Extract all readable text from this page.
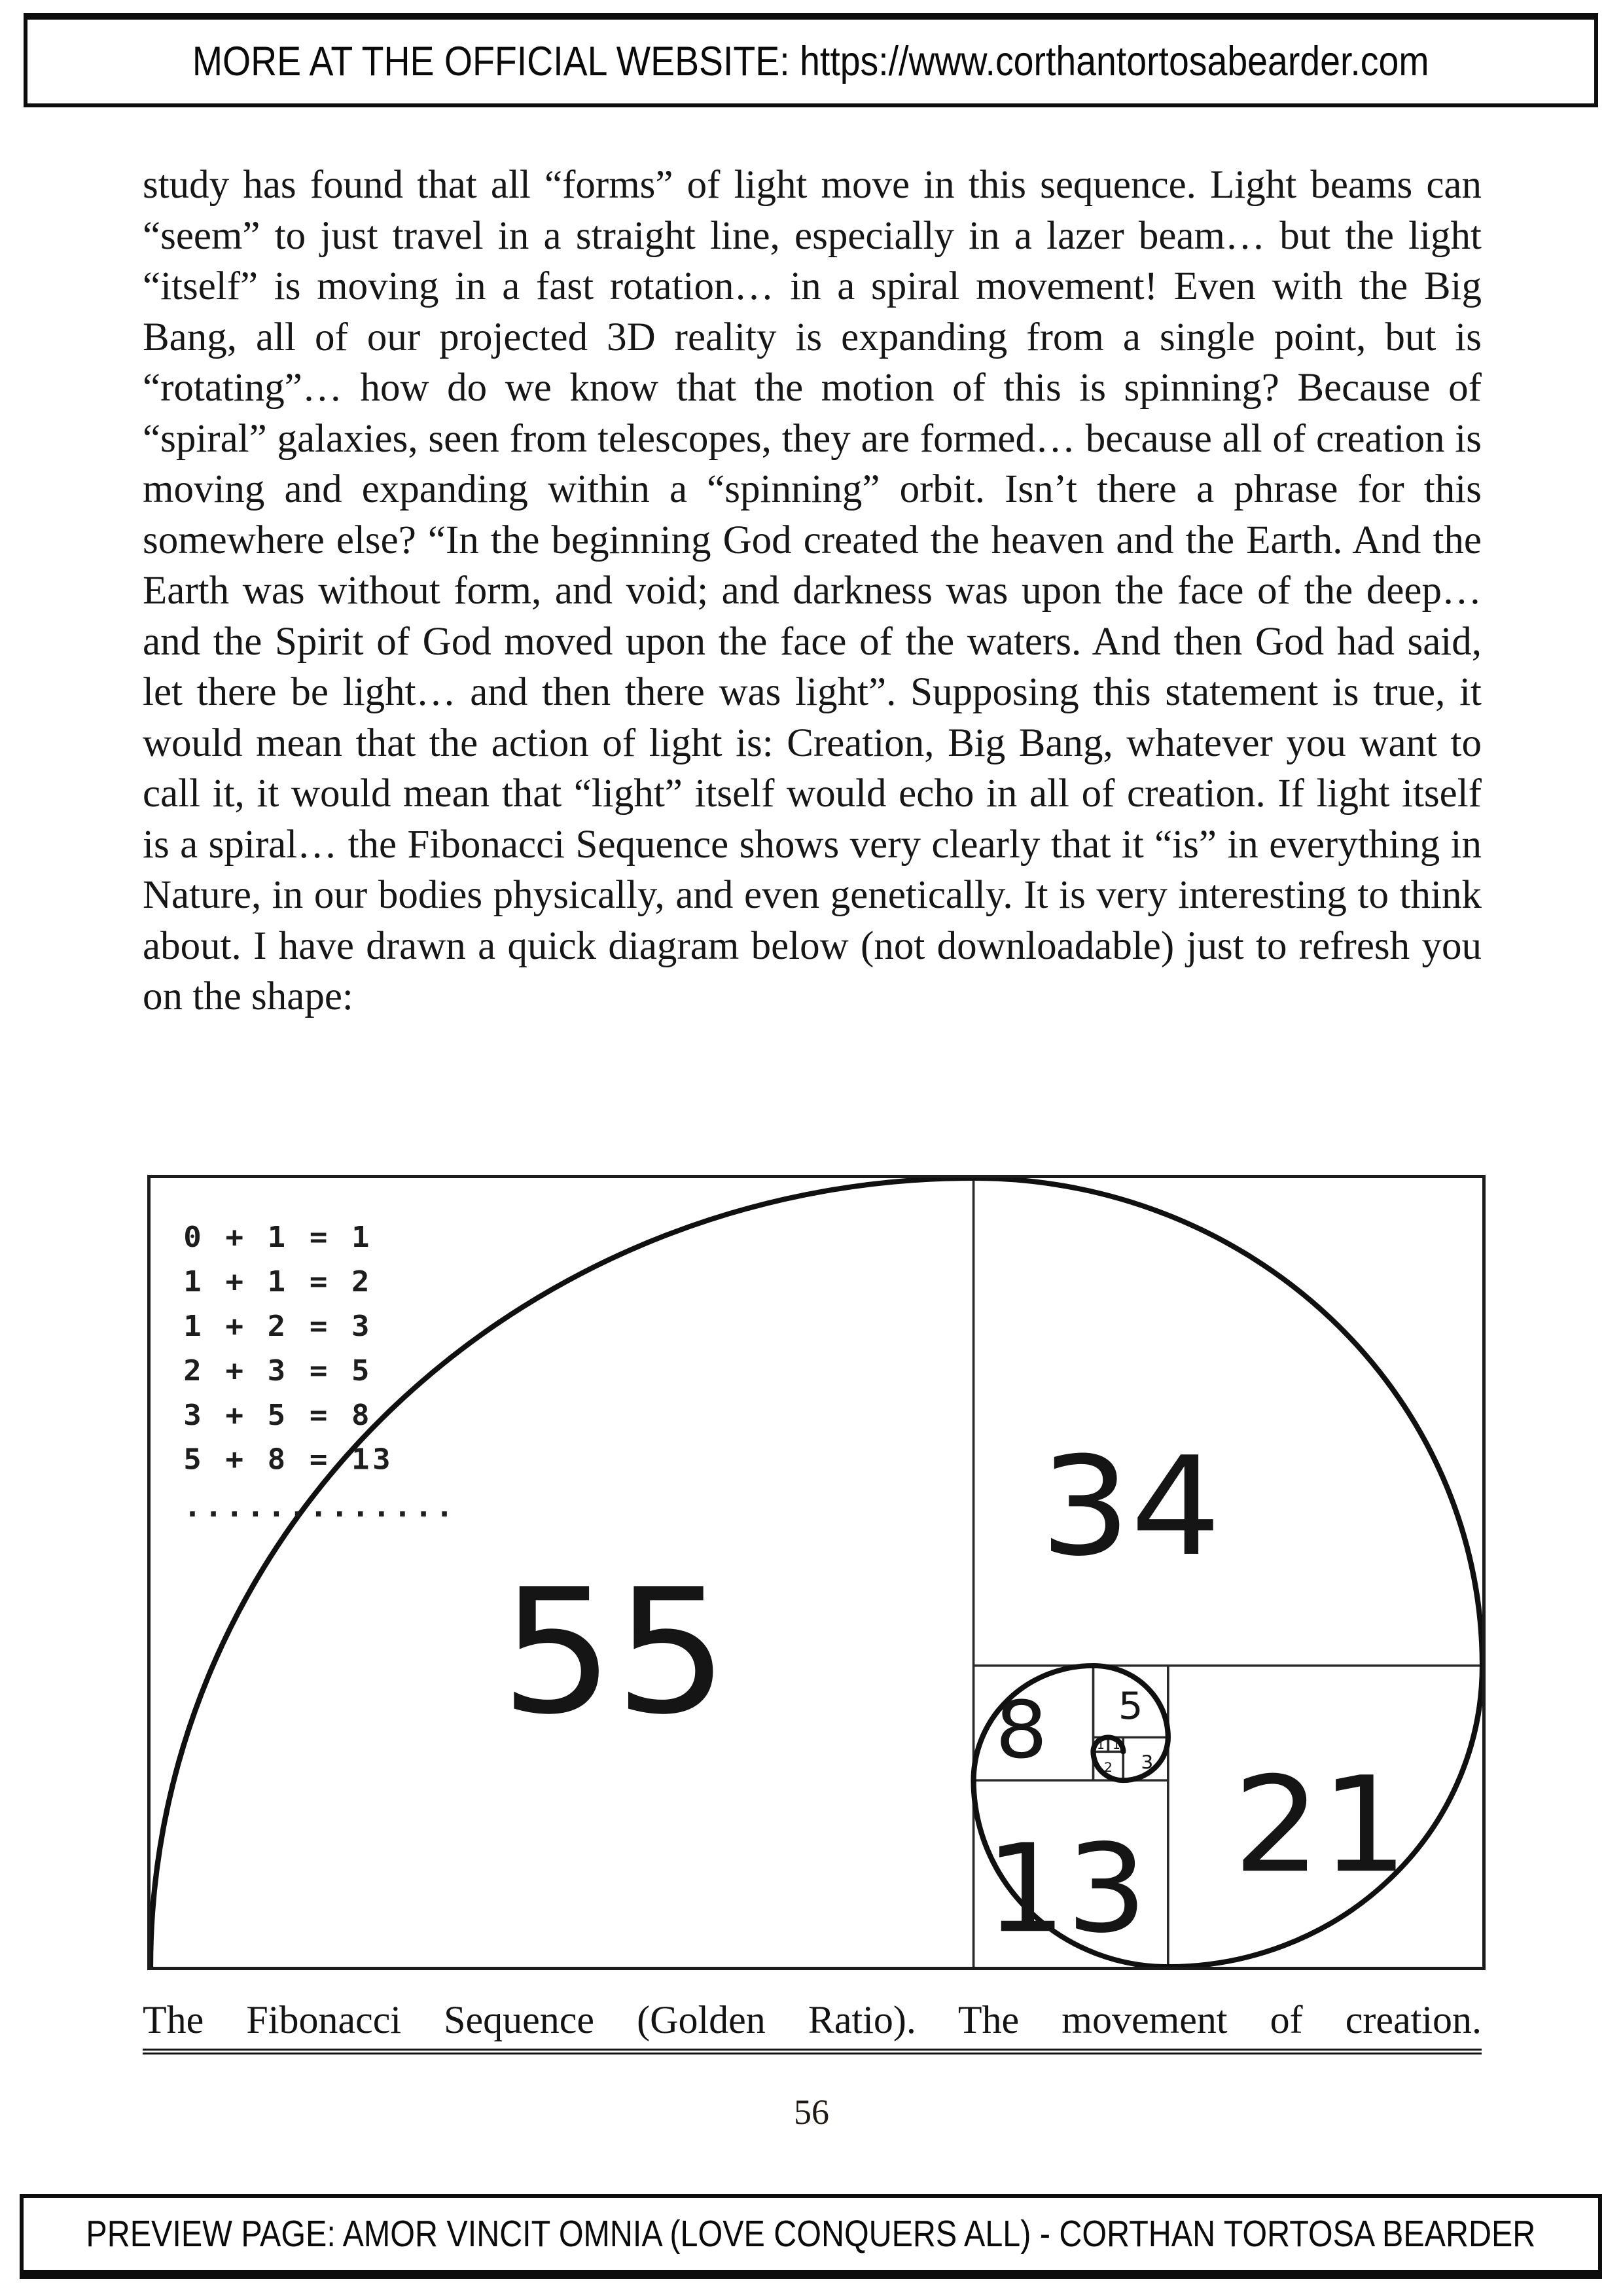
MORE AT THE OFFICIAL WEBSITE: https://www.corthantortosabearder.com
study has found that all “forms” of light move in this sequence. Light beams can “seem” to just travel in a straight line, especially in a lazer beam… but the light “itself” is moving in a fast rotation… in a spiral movement! Even with the Big Bang, all of our projected 3D reality is expanding from a single point, but is “rotating”… how do we know that the motion of this is spinning? Because of “spiral” galaxies, seen from telescopes, they are formed… because all of creation is moving and expanding within a “spinning” orbit. Isn’t there a phrase for this somewhere else? “In the beginning God created the heaven and the Earth. And the Earth was without form, and void; and darkness was upon the face of the deep… and the Spirit of God moved upon the face of the waters. And then God had said, let there be light… and then there was light”. Supposing this statement is true, it would mean that the action of light is: Creation, Big Bang, whatever you want to call it, it would mean that “light” itself would echo in all of creation. If light itself is a spiral… the Fibonacci Sequence shows very clearly that it “is” in everything in Nature, in our bodies physically, and even genetically. It is very interesting to think about. I have drawn a quick diagram below (not downloadable) just to refresh you on the shape:
0 + 1 = 1
1 + 1 = 2
1 + 2 = 3
2 + 3 = 5
3 + 5 = 8
5 + 8 = 13
.............
55
34
21
13
8	5
3
2
1 1
The Fibonacci Sequence (Golden Ratio). The movement of creation.
56
PREVIEW PAGE: AMOR VINCIT OMNIA (LOVE CONQUERS ALL) - CORTHAN TORTOSA BEARDER
